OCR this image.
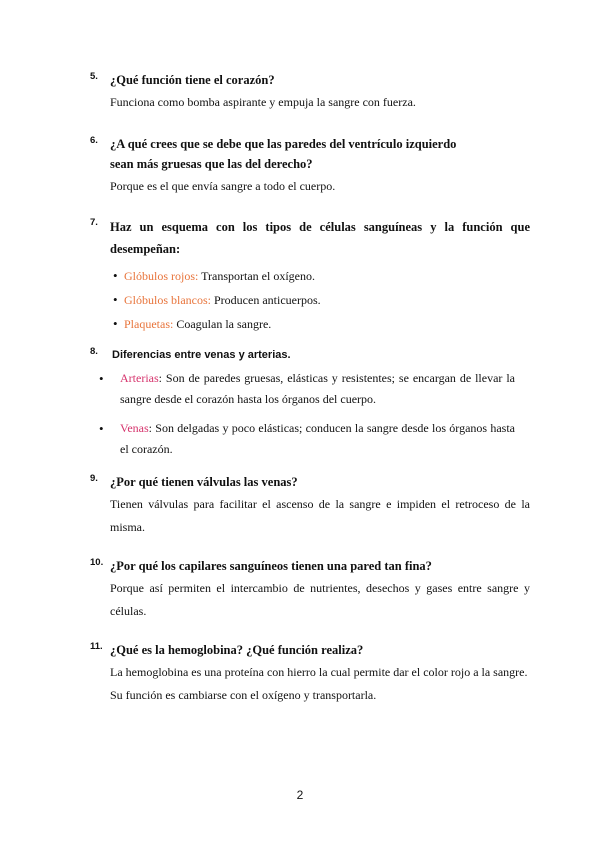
5. ¿Qué función tiene el corazón?
Funciona como bomba aspirante y empuja la sangre con fuerza.
6. ¿A qué crees que se debe que las paredes del ventrículo izquierdo
sean más gruesas que las del derecho?
Porque es el que envía sangre a todo el cuerpo.
7. Haz un esquema con los tipos de células sanguíneas y la función que desempeñan:
• Glóbulos rojos: Transportan el oxígeno.
• Glóbulos blancos: Producen anticuerpos.
• Plaquetas: Coagulan la sangre.
8. Diferencias entre venas y arterias.
• Arterias: Son de paredes gruesas, elásticas y resistentes; se encargan de llevar la sangre desde el corazón hasta los órganos del cuerpo.
• Venas: Son delgadas y poco elásticas; conducen la sangre desde los órganos hasta el corazón.
9. ¿Por qué tienen válvulas las venas?
Tienen válvulas para facilitar el ascenso de la sangre e impiden el retroceso de la misma.
10. ¿Por qué los capilares sanguíneos tienen una pared tan fina?
Porque así permiten el intercambio de nutrientes, desechos y gases entre sangre y células.
11. ¿Qué es la hemoglobina? ¿Qué función realiza?
La hemoglobina es una proteína con hierro la cual permite dar el color rojo a la sangre.
Su función es cambiarse con el oxígeno y transportarla.
2
